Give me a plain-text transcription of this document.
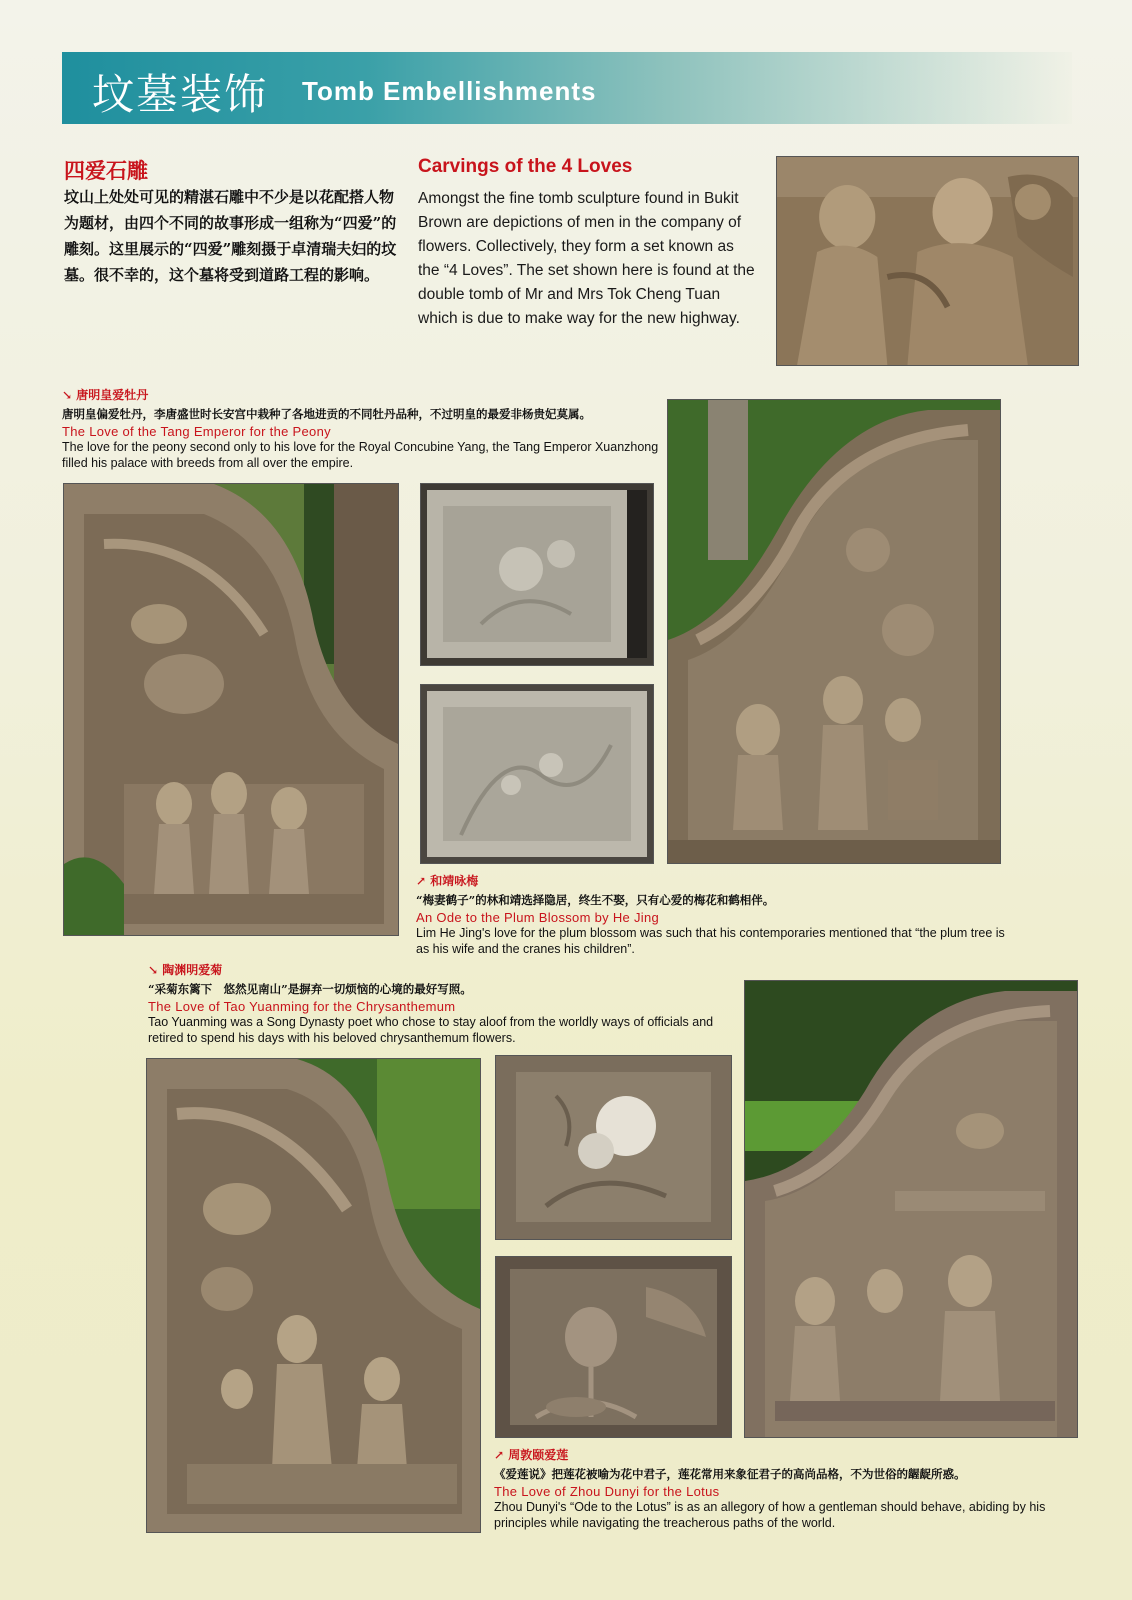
坟墓装饰 Tomb Embellishments
四爱石雕
坟山上处处可见的精湛石雕中不少是以花配搭人物为题材，由四个不同的故事形成一组称为“四爱”的雕刻。这里展示的“四爱”雕刻摄于卓清瑞夫妇的坟墓。很不幸的，这个墓将受到道路工程的影响。
Carvings of the 4 Loves
Amongst the fine tomb sculpture found in Bukit Brown are depictions of men in the company of flowers. Collectively, they form a set known as the “4 Loves”. The set shown here is found at the double tomb of Mr and Mrs Tok Cheng Tuan which is due to make way for the new highway.
↘ 唐明皇爱牡丹
唐明皇偏爱牡丹，李唐盛世时长安宫中栽种了各地进贡的不同牡丹品种，不过明皇的最爱非杨贵妃莫属。
The Love of the Tang Emperor for the Peony
The love for the peony second only to his love for the Royal Concubine Yang, the Tang Emperor Xuanzhong filled his palace with breeds from all over the empire.
↗ 和靖咏梅
“梅妻鹤子”的林和靖选择隐居，终生不娶，只有心爱的梅花和鹤相伴。
An Ode to the Plum Blossom by He Jing
Lim He Jing's love for the plum blossom was such that his contemporaries mentioned that “the plum tree is as his wife and the cranes his children”.
↘ 陶渊明爱菊
“采菊东篱下　悠然见南山”是摒弃一切烦恼的心境的最好写照。
The Love of Tao Yuanming for the Chrysanthemum
Tao Yuanming was a Song Dynasty poet who chose to stay aloof from the worldly ways of officials and retired to spend his days with his beloved chrysanthemum flowers.
↗ 周敦颐爱莲
《爱莲说》把莲花被喻为花中君子，莲花常用来象征君子的高尚品格，不为世俗的龌龊所惑。
The Love of Zhou Dunyi for the Lotus
Zhou Dunyi's “Ode to the Lotus” is as an allegory of how a gentleman should behave, abiding by his principles while navigating the treacherous paths of the world.
